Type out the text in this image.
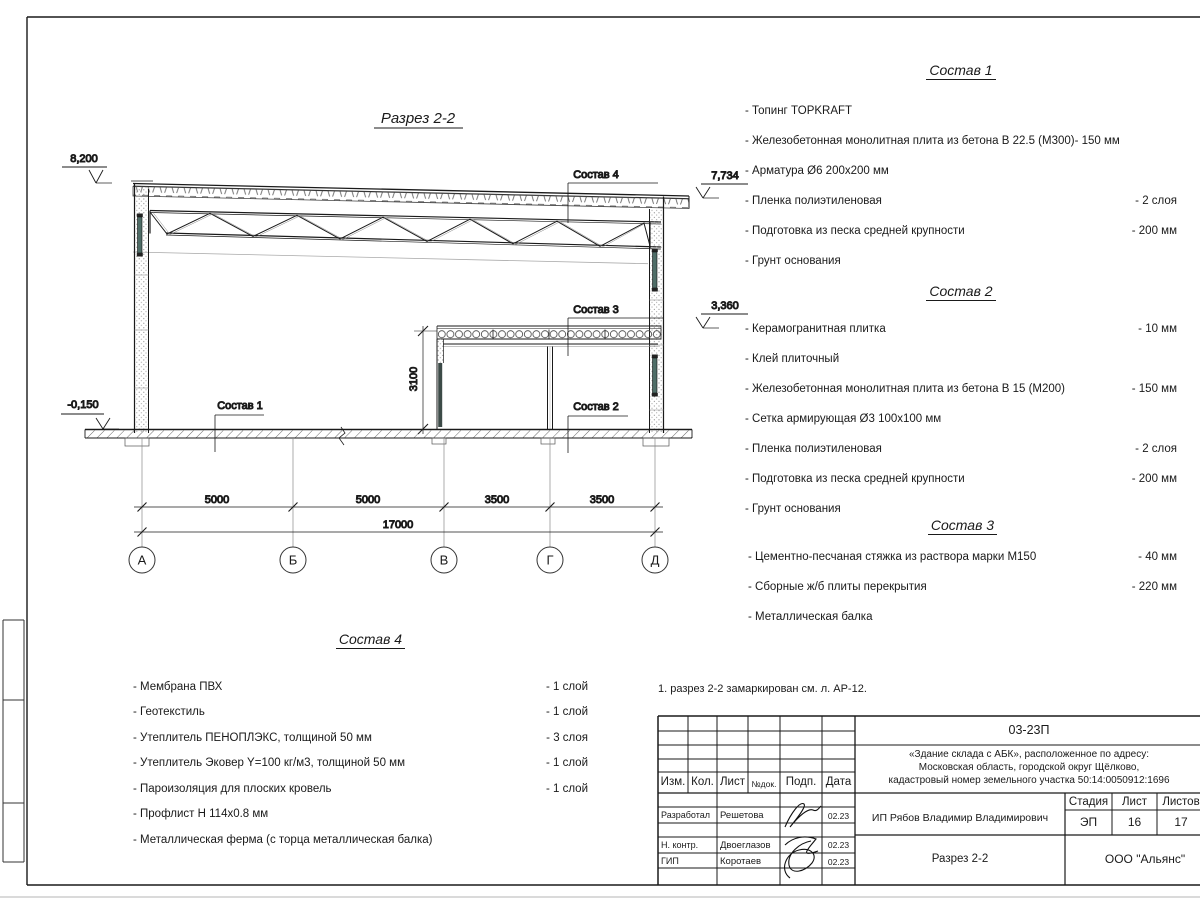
Разрез 2-2
3100
8,200
7,734
3,360
-0,150
Состав 4
Состав 3
Состав 1	Состав 2
А	Б	В	Г	Д
5000	5000	3500	3500
17000
Состав 1
- Топинг TOPKRAFT
- Железобетонная монолитная плита из бетона В 22.5 (М300)- 150 мм
- Арматура Ø6 200х200 мм
- Пленка полиэтиленовая	- 2 слоя
- Подготовка из песка средней крупности	- 200 мм
- Грунт основания
Состав 2
- Керамогранитная плитка	- 10 мм
- Клей плиточный
- Железобетонная монолитная плита из бетона В 15 (М200)	- 150 мм
- Сетка армирующая Ø3 100х100 мм
- Пленка полиэтиленовая	- 2 слоя
- Подготовка из песка средней крупности	- 200 мм
- Грунт основания
Состав 3
- Цементно-песчаная стяжка из раствора марки М150	- 40 мм
- Сборные ж/б плиты перекрытия	- 220 мм
- Металлическая балка
Состав 4
- Мембрана ПВХ	- 1 слой
- Геотекстиль	- 1 слой
- Утеплитель ПЕНОПЛЭКС, толщиной 50 мм	- 3 слоя
- Утеплитель Эковер Y=100 кг/м3, толщиной 50 мм	- 1 слой
- Пароизоляция для плоских кровель	- 1 слой
- Профлист Н 114х0.8 мм
- Металлическая ферма (с торца металлическая балка)
1. разрез 2-2 замаркирован см. л. АР-12.
03-23П
«Здание склада с АБК», расположенное по адресу:
Московская область, городской округ Щёлково,
кадастровый номер земельного участка 50:14:0050912:1696
Изм. Кол. Лист №док. Подп. Дата
Разработал Решетова	02.23
Н. контр. Двоеглазов	02.23
ГИП	Коротаев	02.23
ИП Рябов Владимир Владимирович
Стадия	Лист	Листов
ЭП	16	17
Разрез 2-2	ООО "Альянс"
